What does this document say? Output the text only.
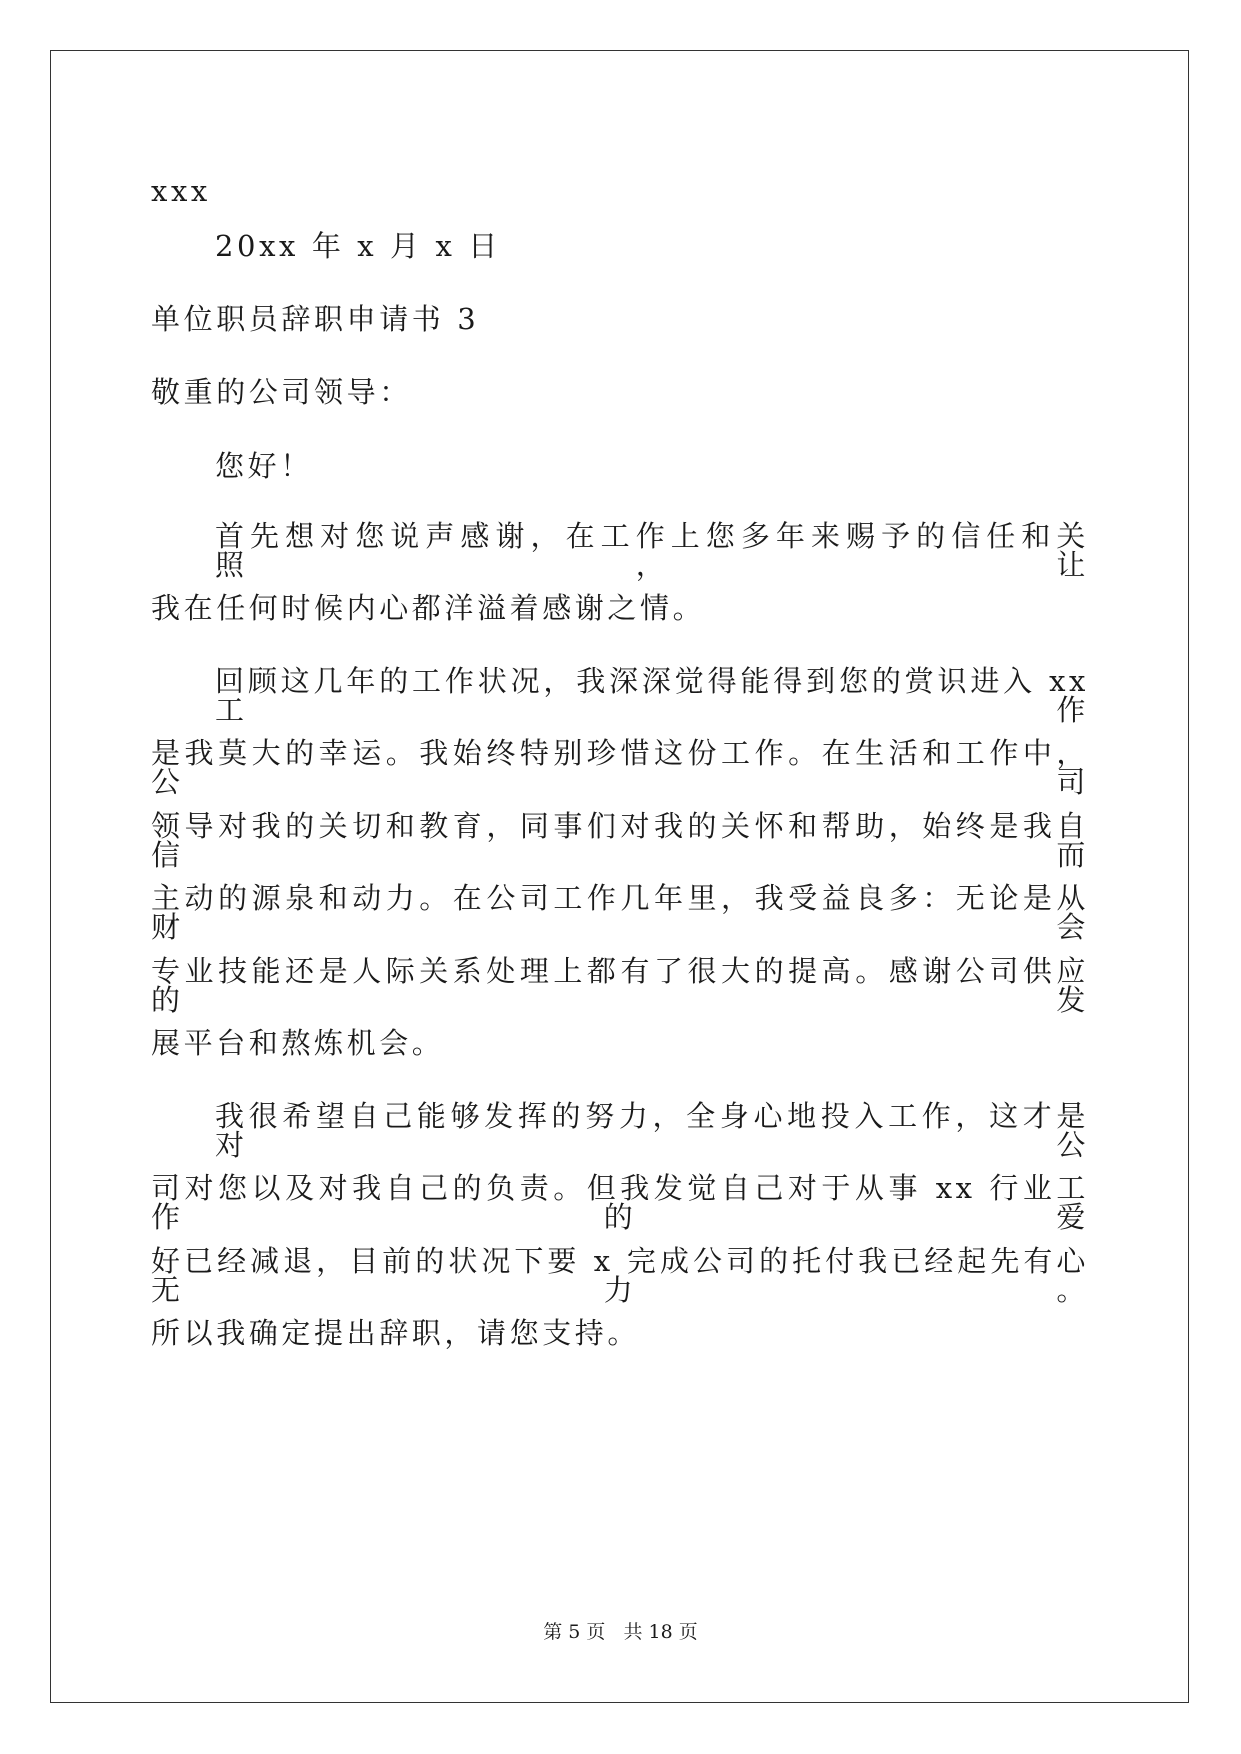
xxx
20xx 年 x 月 x 日
单位职员辞职申请书 3
敬重的公司领导：
您好！
首先想对您说声感谢，在工作上您多年来赐予的信任和关照，让
我在任何时候内心都洋溢着感谢之情。
回顾这几年的工作状况，我深深觉得能得到您的赏识进入 xx 工作
是我莫大的幸运。我始终特别珍惜这份工作。在生活和工作中，公司
领导对我的关切和教育，同事们对我的关怀和帮助，始终是我自信而
主动的源泉和动力。在公司工作几年里，我受益良多：无论是从财会
专业技能还是人际关系处理上都有了很大的提高。感谢公司供应的发
展平台和熬炼机会。
我很希望自己能够发挥的努力，全身心地投入工作，这才是对公
司对您以及对我自己的负责。但我发觉自己对于从事 xx 行业工作的爱
好已经减退，目前的状况下要 x 完成公司的托付我已经起先有心无力。
所以我确定提出辞职，请您支持。
第 5 页 共 18 页
